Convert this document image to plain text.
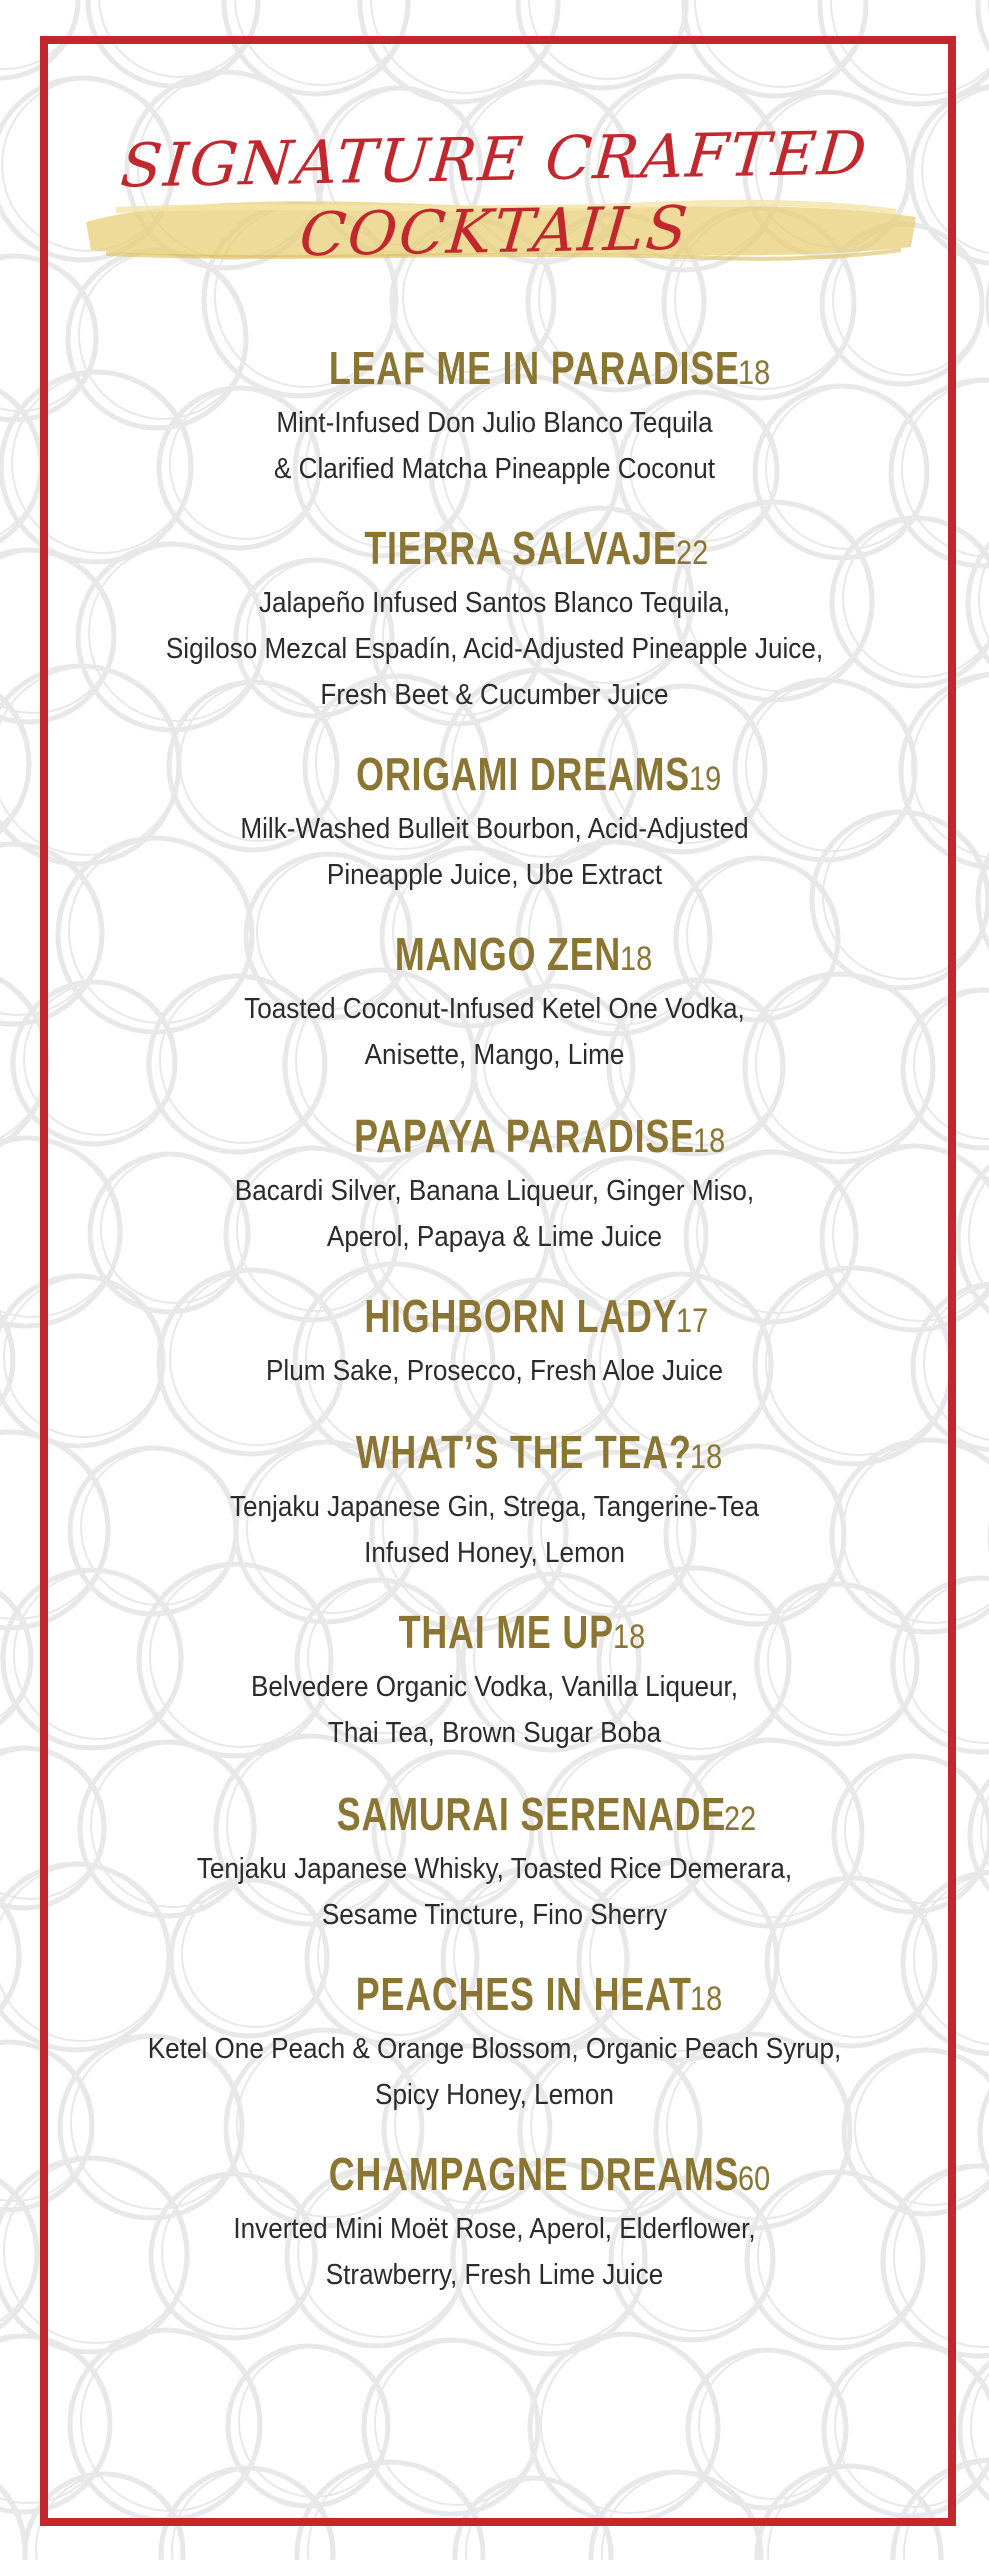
SIGNATURE CRAFTED
COCKTAILS
LEAF ME IN PARADISE 18
Mint-Infused Don Julio Blanco Tequila
& Clarified Matcha Pineapple Coconut
TIERRA SALVAJE 22
Jalapeño Infused Santos Blanco Tequila,
Sigiloso Mezcal Espadín, Acid-Adjusted Pineapple Juice,
Fresh Beet & Cucumber Juice
ORIGAMI DREAMS 19
Milk-Washed Bulleit Bourbon, Acid-Adjusted
Pineapple Juice, Ube Extract
MANGO ZEN 18
Toasted Coconut-Infused Ketel One Vodka,
Anisette, Mango, Lime
PAPAYA PARADISE 18
Bacardi Silver, Banana Liqueur, Ginger Miso,
Aperol, Papaya & Lime Juice
HIGHBORN LADY 17
Plum Sake, Prosecco, Fresh Aloe Juice
WHAT’S THE TEA? 18
Tenjaku Japanese Gin, Strega, Tangerine-Tea
Infused Honey, Lemon
THAI ME UP 18
Belvedere Organic Vodka, Vanilla Liqueur,
Thai Tea, Brown Sugar Boba
SAMURAI SERENADE 22
Tenjaku Japanese Whisky, Toasted Rice Demerara,
Sesame Tincture, Fino Sherry
PEACHES IN HEAT 18
Ketel One Peach & Orange Blossom, Organic Peach Syrup,
Spicy Honey, Lemon
CHAMPAGNE DREAMS 60
Inverted Mini Moët Rose, Aperol, Elderflower,
Strawberry, Fresh Lime Juice
